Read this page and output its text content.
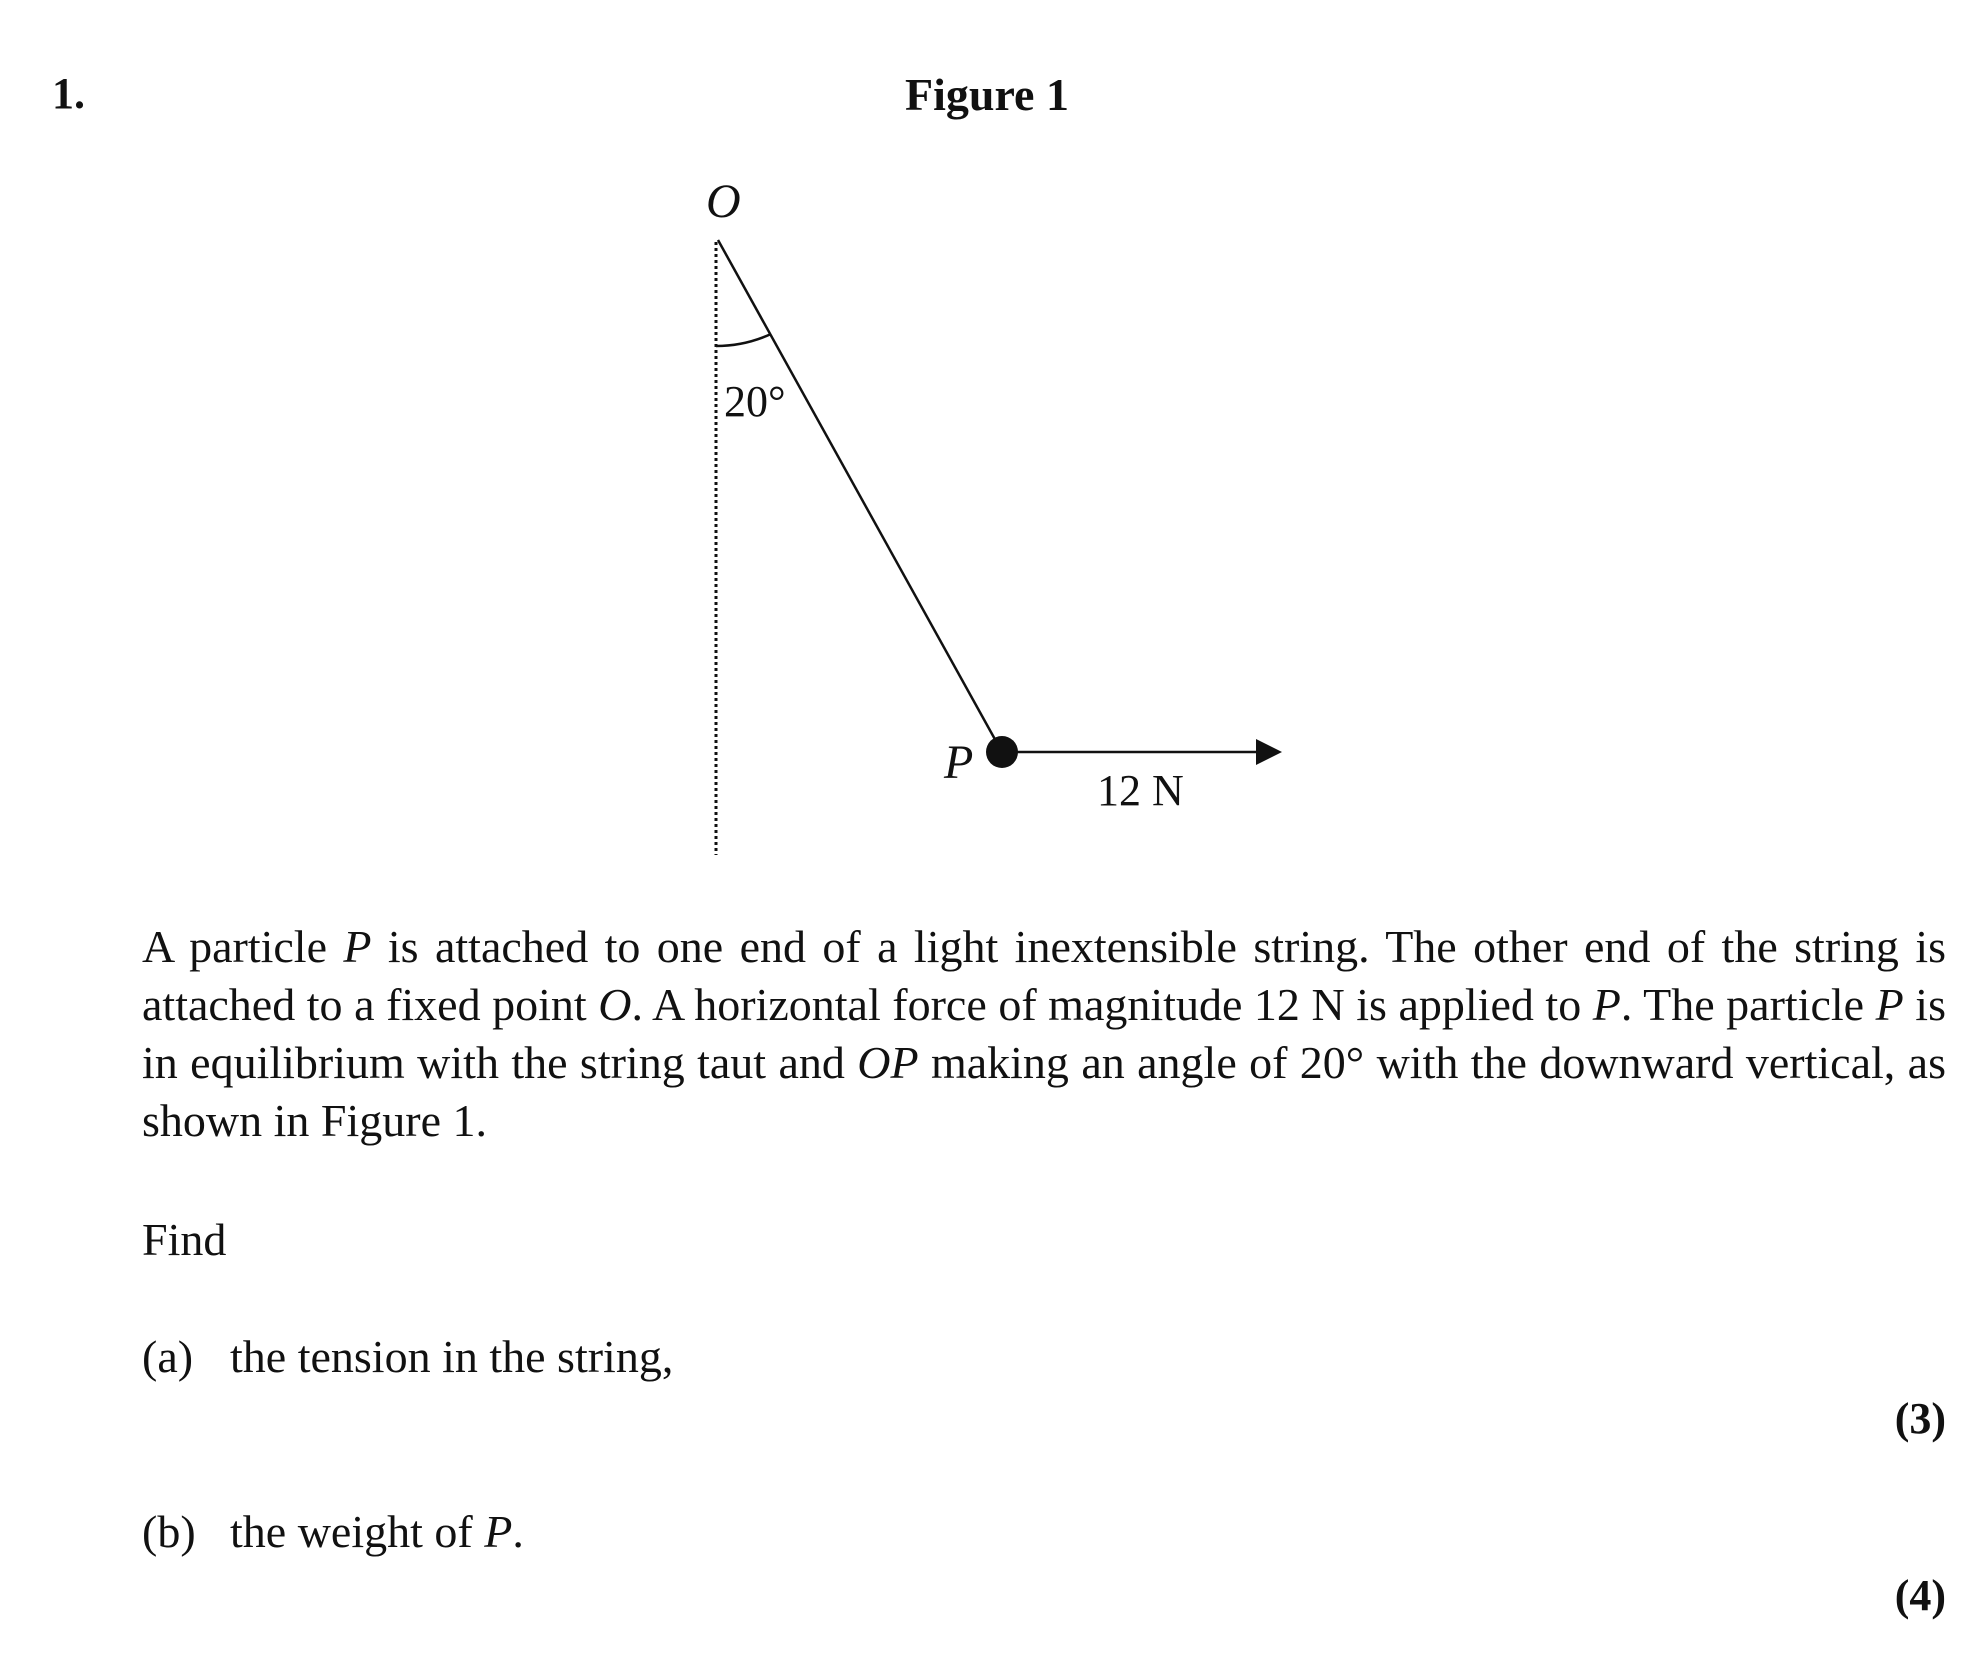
1.	Figure 1
O
20°
P
12 N
A particle P is attached to one end of a light inextensible string. The other end of the string is attached to a fixed point O. A horizontal force of magnitude 12 N is applied to P. The particle P is in equilibrium with the string taut and OP making an angle of 20° with the downward vertical, as shown in Figure 1.
Find
(a) the tension in the string,
(3)
(b) the weight of P.
(4)
